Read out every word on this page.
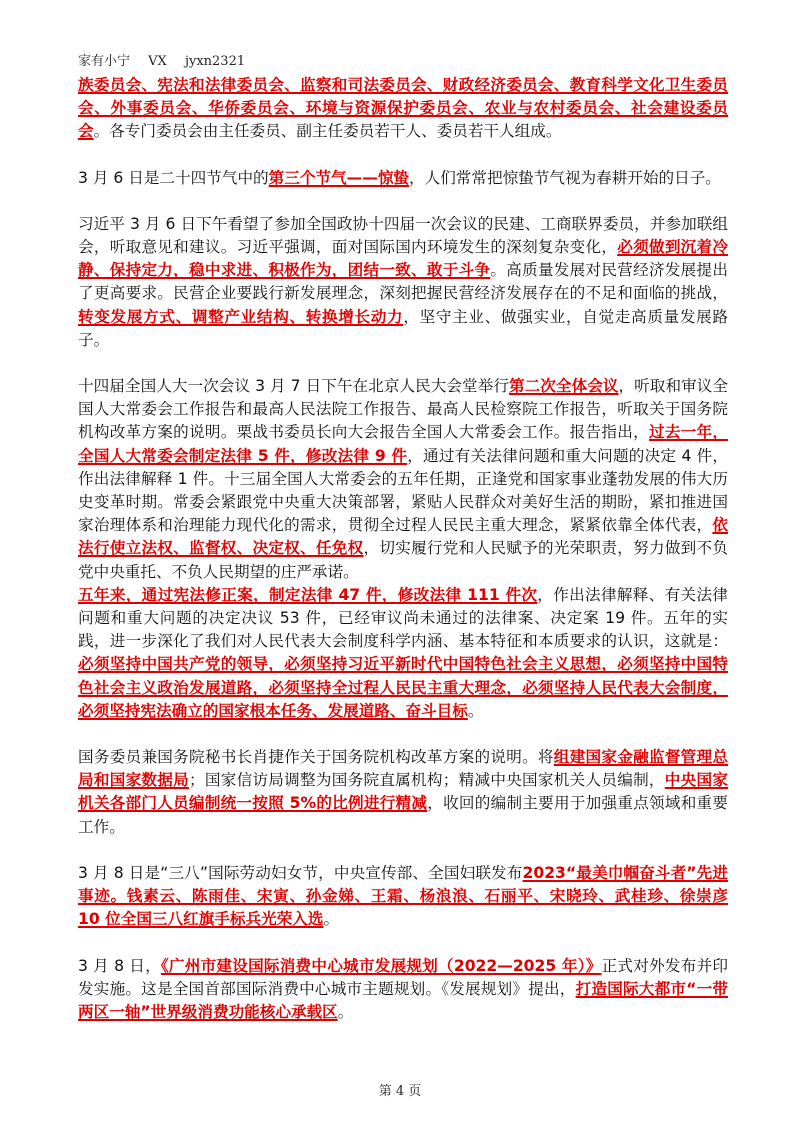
家有小宁 VX jyxn2321

族委员会、宪法和法律委员会、监察和司法委员会、财政经济委员会、教育科学文化卫生委员会、外事委员会、华侨委员会、环境与资源保护委员会、农业与农村委员会、社会建设委员会。各专门委员会由主任委员、副主任委员若干人、委员若干人组成。

3 月 6 日是二十四节气中的第三个节气——惊蛰，人们常常把惊蛰节气视为春耕开始的日子。

习近平 3 月 6 日下午看望了参加全国政协十四届一次会议的民建、工商联界委员，并参加联组会，听取意见和建议。习近平强调，面对国际国内环境发生的深刻复杂变化，必须做到沉着冷静、保持定力，稳中求进、积极作为，团结一致、敢于斗争。高质量发展对民营经济发展提出了更高要求。民营企业要践行新发展理念，深刻把握民营经济发展存在的不足和面临的挑战，转变发展方式、调整产业结构、转换增长动力，坚守主业、做强实业，自觉走高质量发展路子。

十四届全国人大一次会议 3 月 7 日下午在北京人民大会堂举行第二次全体会议，听取和审议全国人大常委会工作报告和最高人民法院工作报告、最高人民检察院工作报告，听取关于国务院机构改革方案的说明。栗战书委员长向大会报告全国人大常委会工作。报告指出，过去一年，全国人大常委会制定法律 5 件，修改法律 9 件，通过有关法律问题和重大问题的决定 4 件，作出法律解释 1 件。十三届全国人大常委会的五年任期，正逢党和国家事业蓬勃发展的伟大历史变革时期。常委会紧跟党中央重大决策部署，紧贴人民群众对美好生活的期盼，紧扣推进国家治理体系和治理能力现代化的需求，贯彻全过程人民民主重大理念，紧紧依靠全体代表，依法行使立法权、监督权、决定权、任免权，切实履行党和人民赋予的光荣职责，努力做到不负党中央重托、不负人民期望的庄严承诺。
五年来，通过宪法修正案，制定法律 47 件，修改法律 111 件次，作出法律解释、有关法律问题和重大问题的决定决议 53 件，已经审议尚未通过的法律案、决定案 19 件。五年的实践，进一步深化了我们对人民代表大会制度科学内涵、基本特征和本质要求的认识，这就是：必须坚持中国共产党的领导，必须坚持习近平新时代中国特色社会主义思想，必须坚持中国特色社会主义政治发展道路，必须坚持全过程人民民主重大理念，必须坚持人民代表大会制度，必须坚持宪法确立的国家根本任务、发展道路、奋斗目标。

国务委员兼国务院秘书长肖捷作关于国务院机构改革方案的说明。将组建国家金融监督管理总局和国家数据局；国家信访局调整为国务院直属机构；精减中央国家机关人员编制，中央国家机关各部门人员编制统一按照 5%的比例进行精减，收回的编制主要用于加强重点领域和重要工作。

3 月 8 日是“三八”国际劳动妇女节，中央宣传部、全国妇联发布2023“最美巾帼奋斗者”先进事迹。钱素云、陈雨佳、宋寅、孙金娣、王霜、杨浪浪、石丽平、宋晓玲、武桂珍、徐崇彦 10 位全国三八红旗手标兵光荣入选。

3 月 8 日，《广州市建设国际消费中心城市发展规划（2022—2025 年）》正式对外发布并印发实施。这是全国首部国际消费中心城市主题规划。《发展规划》提出，打造国际大都市“一带两区一轴”世界级消费功能核心承载区。

第 4 页
